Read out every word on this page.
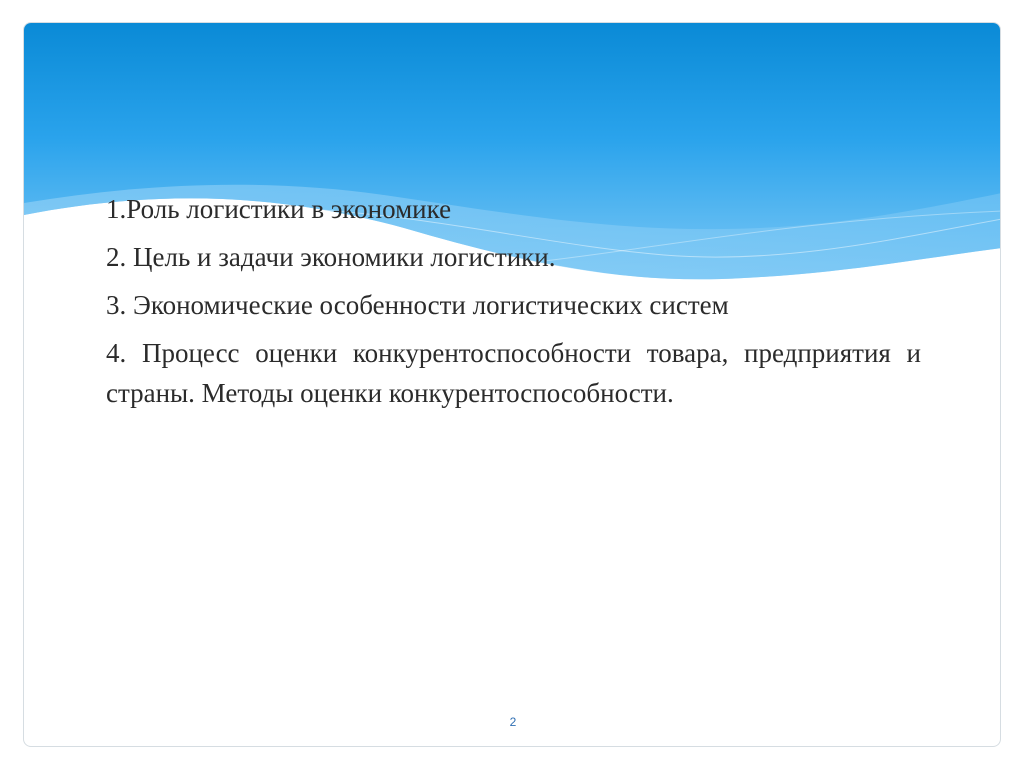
1.Роль логистики в экономике

2. Цель и задачи экономики логистики.

3. Экономические особенности логистических систем

4. Процесс оценки конкурентоспособности товара, предприятия и страны. Методы оценки конкурентоспособности.

2
